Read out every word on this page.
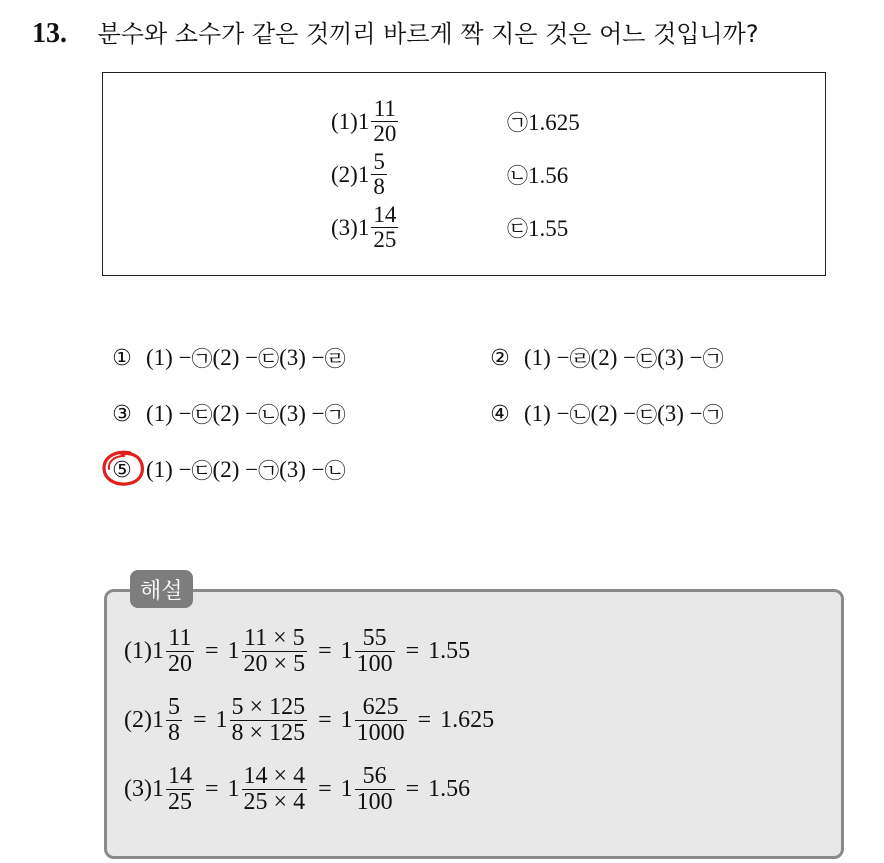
13. 분수와 소수가 같은 것끼리 바르게 짝 지은 것은 어느 것입니까?
(1) $1 \frac{11}{20}$	㉠1.625
(2) $1 \frac{5}{8}$	㉡1.56
(3) $1 \frac{14}{25}$	㉢1.55
① (1) − ㉠ (2) − ㉢ (3) − ㉣	② (1) − ㉣ (2) − ㉢ (3) − ㉠
③ (1) − ㉢ (2) − ㉡ (3) − ㉠	④ (1) − ㉡ (2) − ㉢ (3) − ㉠
⑤ (1) − ㉢ (2) − ㉠ (3) − ㉡
해설
(1) $1 \frac{11}{20} = 1 \frac{11 \times 5}{20 \times 5} = 1 \frac{55}{100} = 1.55$
(2) $1 \frac{5}{8} = 1 \frac{5 \times 125}{8 \times 125} = 1 \frac{625}{1000} = 1.625$
(3) $1 \frac{14}{25} = 1 \frac{14 \times 4}{25 \times 4} = 1 \frac{56}{100} = 1.56$
